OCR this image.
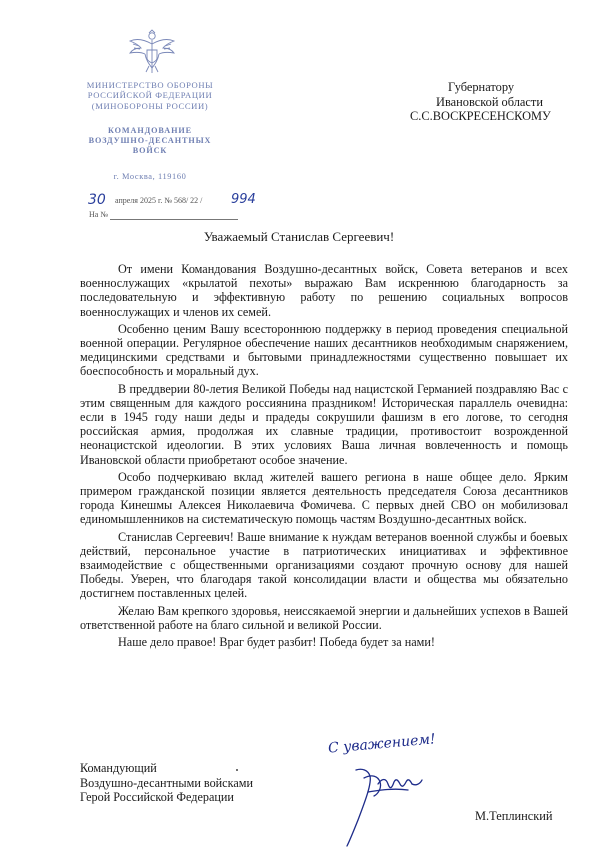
МИНИСТЕРСТВО ОБОРОНЫ
РОССИЙСКОЙ ФЕДЕРАЦИИ
(МИНОБОРОНЫ РОССИИ)
КОМАНДОВАНИЕ
ВОЗДУШНО-ДЕСАНТНЫХ
ВОЙСК
г. Москва, 119160
30 апреля 2025 г. № 568/ 22 / 994
На №
Губернатору
Ивановской области
С.С.ВОСКРЕСЕНСКОМУ
Уважаемый Станислав Сергеевич!

От имени Командования Воздушно-десантных войск, Совета ветеранов и всех военнослужащих «крылатой пехоты» выражаю Вам искреннюю благодарность за последовательную и эффективную работу по решению социальных вопросов военнослужащих и членов их семей.

Особенно ценим Вашу всестороннюю поддержку в период проведения специальной военной операции. Регулярное обеспечение наших десантников необходимым снаряжением, медицинскими средствами и бытовыми принадлежностями существенно повышает их боеспособность и моральный дух.

В преддверии 80-летия Великой Победы над нацистской Германией поздравляю Вас с этим священным для каждого россиянина праздником! Историческая параллель очевидна: если в 1945 году наши деды и прадеды сокрушили фашизм в его логове, то сегодня российская армия, продолжая их славные традиции, противостоит возрожденной неонацистской идеологии. В этих условиях Ваша личная вовлеченность и помощь Ивановской области приобретают особое значение.

Особо подчеркиваю вклад жителей вашего региона в наше общее дело. Ярким примером гражданской позиции является деятельность председателя Союза десантников города Кинешмы Алексея Николаевича Фомичева. С первых дней СВО он мобилизовал единомышленников на систематическую помощь частям Воздушно-десантных войск.

Станислав Сергеевич! Ваше внимание к нуждам ветеранов военной службы и боевых действий, персональное участие в патриотических инициативах и эффективное взаимодействие с общественными организациями создают прочную основу для нашей Победы. Уверен, что благодаря такой консолидации власти и общества мы обязательно достигнем поставленных целей.

Желаю Вам крепкого здоровья, неиссякаемой энергии и дальнейших успехов в Вашей ответственной работе на благо сильной и великой России.

Наше дело правое! Враг будет разбит! Победа будет за нами!

С уважением!
Командующий
Воздушно-десантными войсками
Герой Российской Федерации
М.Теплинский
